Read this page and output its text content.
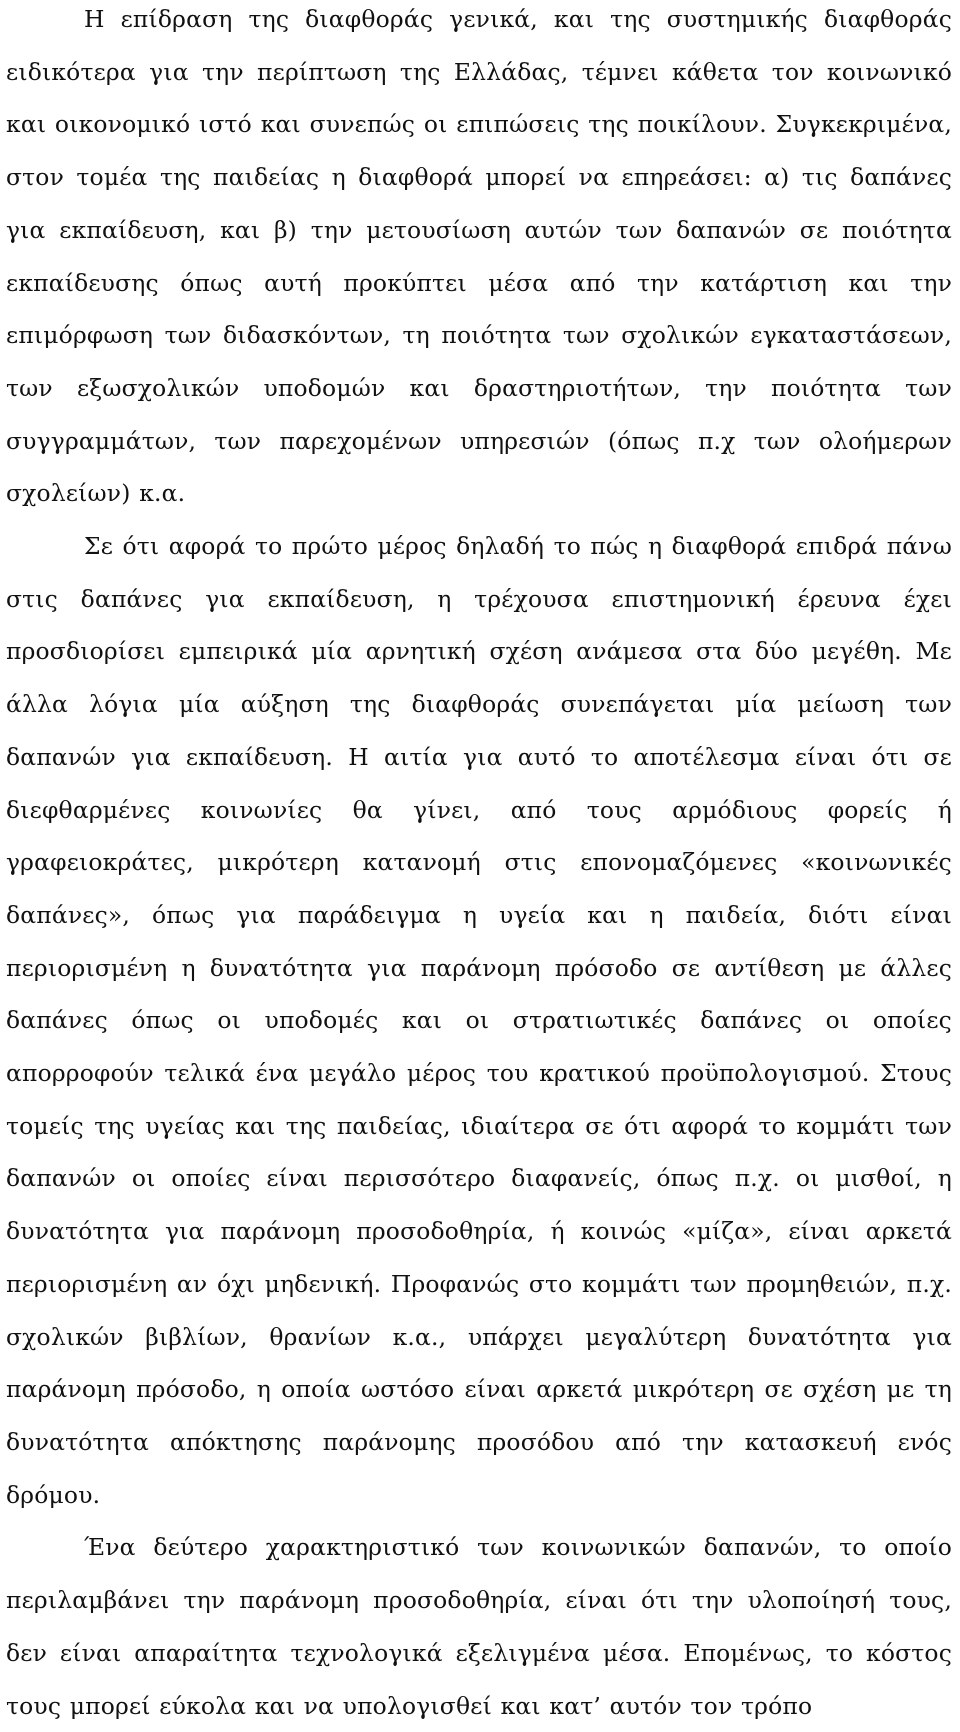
Η επίδραση της διαφθοράς γενικά, και της συστημικής διαφθοράς ειδικότερα για την περίπτωση της Ελλάδας, τέμνει κάθετα τον κοινωνικό και οικονομικό ιστό και συνεπώς οι επιπώσεις της ποικίλουν. Συγκεκριμένα, στον τομέα της παιδείας η διαφθορά μπορεί να επηρεάσει: α) τις δαπάνες για εκπαίδευση, και β) την μετουσίωση αυτών των δαπανών σε ποιότητα εκπαίδευσης όπως αυτή προκύπτει μέσα από την κατάρτιση και την επιμόρφωση των διδασκόντων, τη ποιότητα των σχολικών εγκαταστάσεων, των εξωσχολικών υποδομών και δραστηριοτήτων, την ποιότητα των συγγραμμάτων, των παρεχομένων υπηρεσιών (όπως π.χ των ολοήμερων σχολείων) κ.α.

Σε ότι αφορά το πρώτο μέρος δηλαδή το πώς η διαφθορά επιδρά πάνω στις δαπάνες για εκπαίδευση, η τρέχουσα επιστημονική έρευνα έχει προσδιορίσει εμπειρικά μία αρνητική σχέση ανάμεσα στα δύο μεγέθη. Με άλλα λόγια μία αύξηση της διαφθοράς συνεπάγεται μία μείωση των δαπανών για εκπαίδευση. Η αιτία για αυτό το αποτέλεσμα είναι ότι σε διεφθαρμένες κοινωνίες θα γίνει, από τους αρμόδιους φορείς ή γραφειοκράτες, μικρότερη κατανομή στις επονομαζόμενες «κοινωνικές δαπάνες», όπως για παράδειγμα η υγεία και η παιδεία, διότι είναι περιορισμένη η δυνατότητα για παράνομη πρόσοδο σε αντίθεση με άλλες δαπάνες όπως οι υποδομές και οι στρατιωτικές δαπάνες οι οποίες απορροφούν τελικά ένα μεγάλο μέρος του κρατικού προϋπολογισμού. Στους τομείς της υγείας και της παιδείας, ιδιαίτερα σε ότι αφορά το κομμάτι των δαπανών οι οποίες είναι περισσότερο διαφανείς, όπως π.χ. οι μισθοί, η δυνατότητα για παράνομη προσοδοθηρία, ή κοινώς «μίζα», είναι αρκετά περιορισμένη αν όχι μηδενική. Προφανώς στο κομμάτι των προμηθειών, π.χ. σχολικών βιβλίων, θρανίων κ.α., υπάρχει μεγαλύτερη δυνατότητα για παράνομη πρόσοδο, η οποία ωστόσο είναι αρκετά μικρότερη σε σχέση με τη δυνατότητα απόκτησης παράνομης προσόδου από την κατασκευή ενός δρόμου.

Ένα δεύτερο χαρακτηριστικό των κοινωνικών δαπανών, το οποίο περιλαμβάνει την παράνομη προσοδοθηρία, είναι ότι την υλοποίησή τους, δεν είναι απαραίτητα τεχνολογικά εξελιγμένα μέσα. Επομένως, το κόστος τους μπορεί εύκολα και να υπολογισθεί και κατ’ αυτόν τον τρόπο
